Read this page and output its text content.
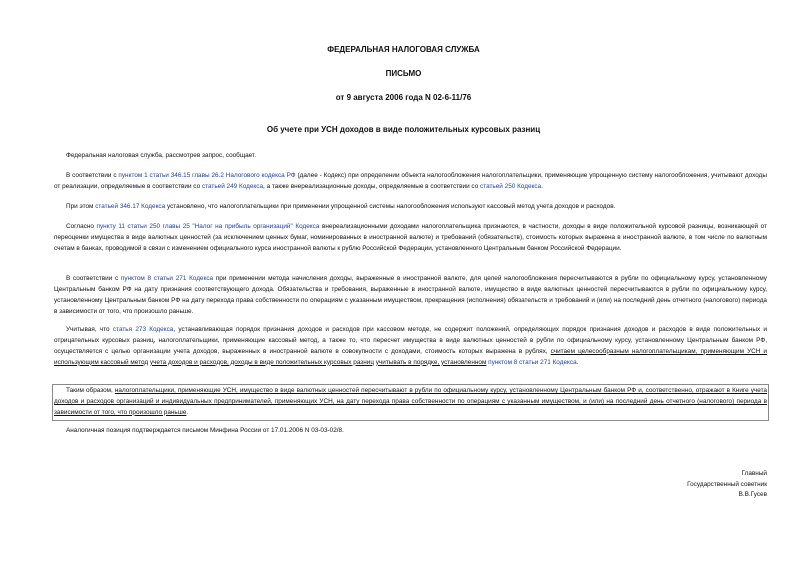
ФЕДЕРАЛЬНАЯ НАЛОГОВАЯ СЛУЖБА
ПИСЬМО
от 9 августа 2006 года N 02-6-11/76
Об учете при УСН доходов в виде положительных курсовых разниц

Федеральная налоговая служба, рассмотрев запрос, сообщает.

В соответствии с пунктом 1 статьи 346.15 главы 26.2 Налогового кодекса РФ (далее - Кодекс) при определении объекта налогообложения налогоплательщики, применяющие упрощенную систему налогообложения, учитывают доходы от реализации, определяемые в соответствии со статьей 249 Кодекса, а также внереализационные доходы, определяемые в соответствии со статьей 250 Кодекса.

При этом статьей 346.17 Кодекса установлено, что налогоплательщики при применении упрощенной системы налогообложения используют кассовый метод учета доходов и расходов.

Согласно пункту 11 статьи 250 главы 25 "Налог на прибыль организаций" Кодекса внереализационными доходами налогоплательщика признаются, в частности, доходы в виде положительной курсовой разницы, возникающей от переоценки имущества в виде валютных ценностей (за исключением ценных бумаг, номинированных в иностранной валюте) и требований (обязательств), стоимость которых выражена в иностранной валюте, в том числе по валютным счетам в банках, проводимой в связи с изменением официального курса иностранной валюты к рублю Российской Федерации, установленного Центральным банком Российской Федерации.

В соответствии с пунктом 8 статьи 271 Кодекса при применении метода начисления доходы, выраженные в иностранной валюте, для целей налогообложения пересчитываются в рубли по официальному курсу, установленному Центральным банком РФ на дату признания соответствующего дохода. Обязательства и требования, выраженные в иностранной валюте, имущество в виде валютных ценностей пересчитываются в рубли по официальному курсу, установленному Центральным банком РФ на дату перехода права собственности по операциям с указанным имуществом, прекращения (исполнения) обязательств и требований и (или) на последний день отчетного (налогового) периода в зависимости от того, что произошло раньше.

Учитывая, что статья 273 Кодекса, устанавливающая порядок признания доходов и расходов при кассовом методе, не содержит положений, определяющих порядок признания доходов и расходов в виде положительных и отрицательных курсовых разниц, налогоплательщики, применяющие кассовый метод, а также то, что пересчет имущества в виде валютных ценностей в рубли по официальному курсу, установленному Центральным банком РФ, осуществляется с целью организации учета доходов, выраженных в иностранной валюте в совокупности с доходами, стоимость которых выражена в рублях, считаем целесообразным налогоплательщикам, применяющим УСН и использующим кассовый метод учета доходов и расходов, доходы в виде положительных курсовых разниц учитывать в порядке, установленном пунктом 8 статьи 271 Кодекса.

Таким образом, налогоплательщики, применяющие УСН, имущество в виде валютных ценностей пересчитывают в рубли по официальному курсу, установленному Центральным банком РФ и, соответственно, отражают в Книге учета доходов и расходов организаций и индивидуальных предпринимателей, применяющих УСН, на дату перехода права собственности по операциям с указанным имуществом, и (или) на последний день отчетного (налогового) периода в зависимости от того, что произошло раньше.

Аналогичная позиция подтверждается письмом Минфина России от 17.01.2006 N 03-03-02/8.

Главный
Государственный советник
В.В.Гусев
